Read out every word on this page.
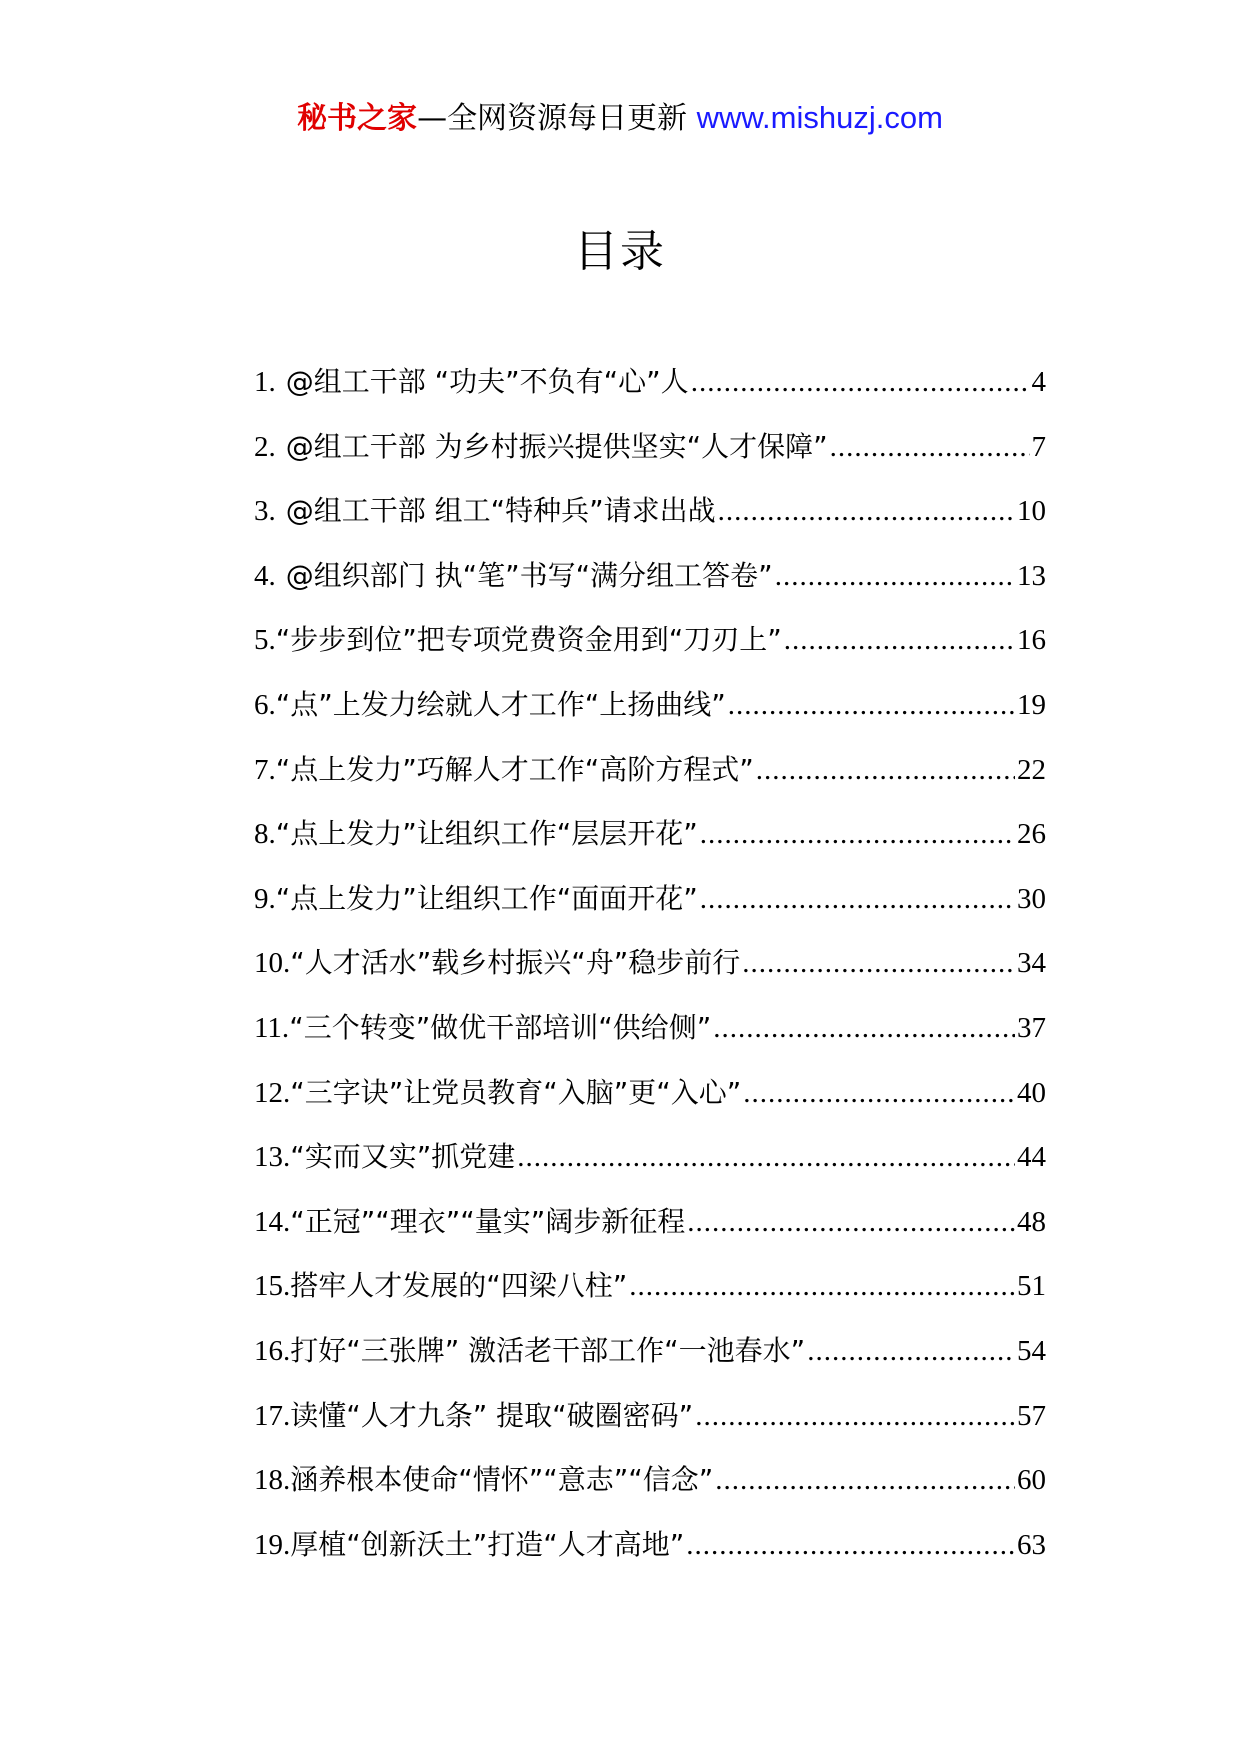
秘书之家—全网资源每日更新 www.mishuzj.com
目录
1. @组工干部 “功夫”不负有“心”人 .....	4
2. @组工干部 为乡村振兴提供坚实“人才保障” .....	7
3. @组工干部 组工“特种兵”请求出战 .....	10
4. @组织部门 执“笔”书写“满分组工答卷” .....	13
5. “步步到位”把专项党费资金用到“刀刃上” .....	16
6. “点”上发力绘就人才工作“上扬曲线” .....	19
7. “点上发力”巧解人才工作“高阶方程式” .....	22
8. “点上发力”让组织工作“层层开花” .....	26
9. “点上发力”让组织工作“面面开花” .....	30
10. “人才活水”载乡村振兴“舟”稳步前行 .....	34
11. “三个转变”做优干部培训“供给侧” .....	37
12. “三字诀”让党员教育“入脑”更“入心” .....	40
13. “实而又实”抓党建 .....	44
14. “正冠”“理衣”“量实”阔步新征程 .....	48
15. 搭牢人才发展的“四梁八柱” .....	51
16. 打好“三张牌” 激活老干部工作“一池春水” .....	54
17. 读懂“人才九条” 提取“破圈密码” .....	57
18. 涵养根本使命“情怀”“意志”“信念” .....	60
19. 厚植“创新沃土”打造“人才高地” .....	63
